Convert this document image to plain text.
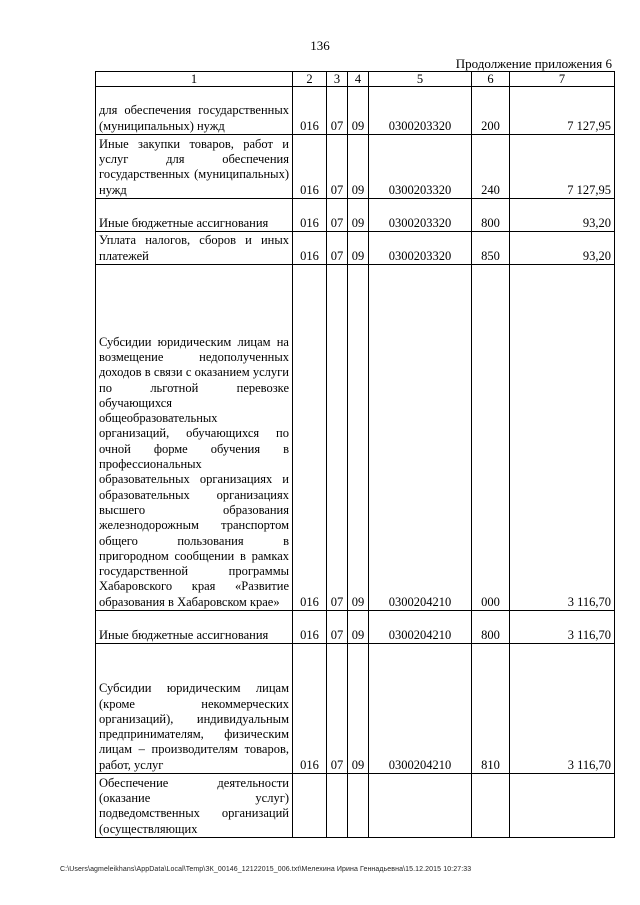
136
Продолжение приложения 6
1	2	3	4	5	6	7
для обеспечения государственных (муниципальных) нужд	016	07	09	0300203320	200	7 127,95
Иные закупки товаров, работ и услуг для обеспечения государственных (муниципальных) нужд	016	07	09	0300203320	240	7 127,95
Иные бюджетные ассигнования	016	07	09	0300203320	800	93,20
Уплата налогов, сборов и иных платежей	016	07	09	0300203320	850	93,20
Субсидии юридическим лицам на возмещение недополученных доходов в связи с оказанием услуги по льготной перевозке обучающихся общеобразовательных организаций, обучающихся по очной форме обучения в профессиональных образовательных организациях и образовательных организациях высшего образования железнодорожным транспортом общего пользования в пригородном сообщении в рамках государственной программы Хабаровского края «Развитие образования в Хабаровском крае»	016	07	09	0300204210	000	3 116,70
Иные бюджетные ассигнования	016	07	09	0300204210	800	3 116,70
Субсидии юридическим лицам (кроме некоммерческих организаций), индивидуальным предпринимателям, физическим лицам – производителям товаров, работ, услуг	016	07	09	0300204210	810	3 116,70
Обеспечение деятельности (оказание услуг) подведомственных организаций (осуществляющих						
C:\Users\agmeleikhans\AppData\Local\Temp\ЗК_00146_12122015_006.txt\Мелехина Ирина Геннадьевна\15.12.2015 10:27:33
